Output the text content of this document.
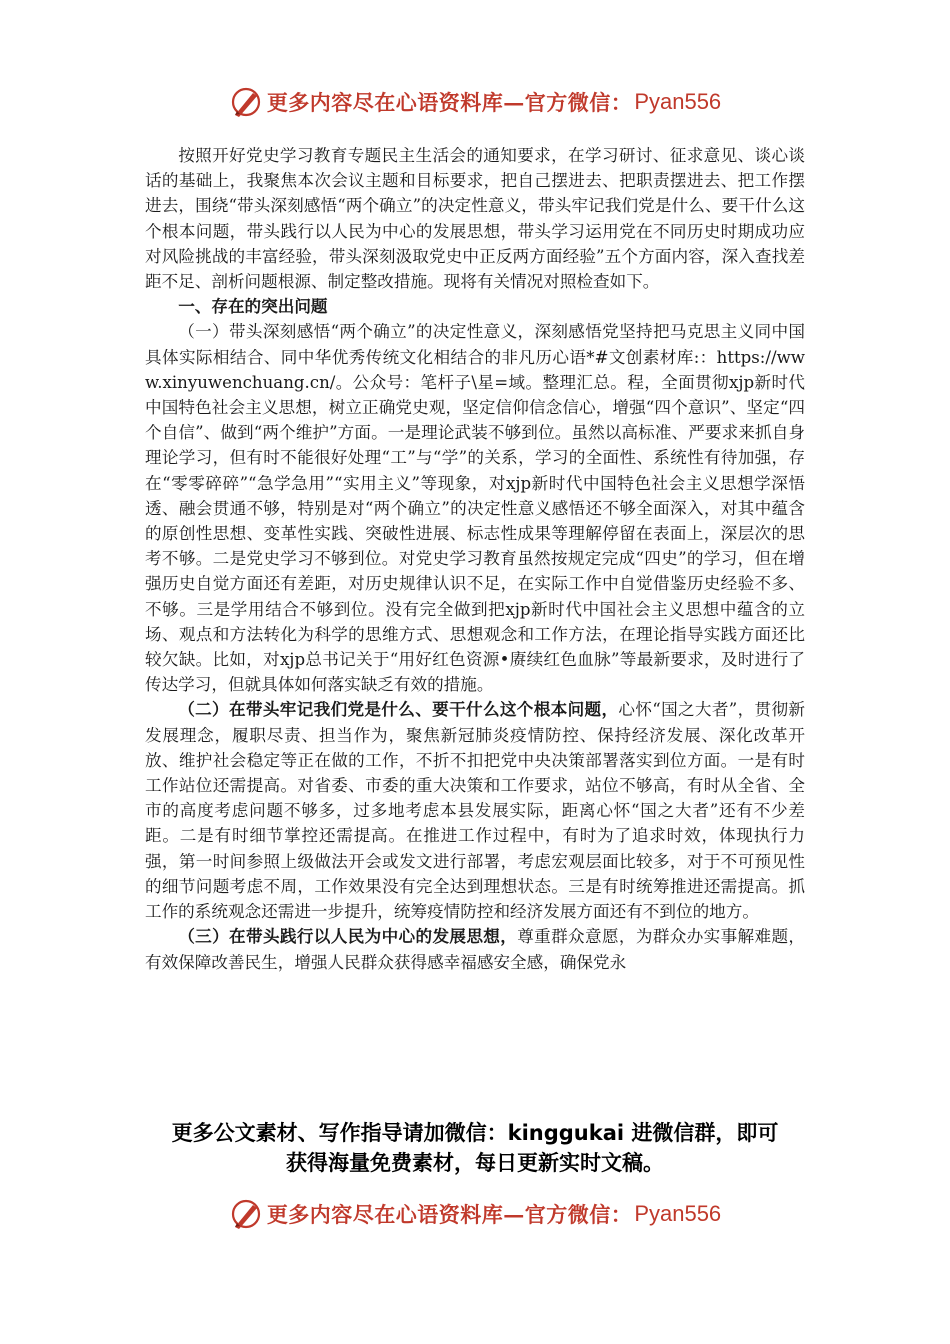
更多内容尽在心语资料库—官方微信： Pyan556

按照开好党史学习教育专题民主生活会的通知要求，在学习研讨、征求意见、谈心谈话的基础上，我聚焦本次会议主题和目标要求，把自己摆进去、把职责摆进去、把工作摆进去，围绕“带头深刻感悟“两个确立”的决定性意义，带头牢记我们党是什么、要干什么这个根本问题，带头践行以人民为中心的发展思想，带头学习运用党在不同历史时期成功应对风险挑战的丰富经验，带头深刻汲取党史中正反两方面经验”五个方面内容，深入查找差距不足、剖析问题根源、制定整改措施。现将有关情况对照检查如下。

一、存在的突出问题

（一）带头深刻感悟“两个确立”的决定性意义，深刻感悟党坚持把马克思主义同中国具体实际相结合、同中华优秀传统文化相结合的非凡历心语*#文创素材库:：https://www.xinyuwenchuang.cn/。公众号：笔杆子\星=域。整理汇总。程，全面贯彻xjp新时代中国特色社会主义思想，树立正确党史观，坚定信仰信念信心，增强“四个意识”、坚定“四个自信”、做到“两个维护”方面。一是理论武装不够到位。虽然以高标准、严要求来抓自身理论学习，但有时不能很好处理“工”与“学”的关系，学习的全面性、系统性有待加强，存在“零零碎碎”“急学急用”“实用主义”等现象，对xjp新时代中国特色社会主义思想学深悟透、融会贯通不够，特别是对“两个确立”的决定性意义感悟还不够全面深入，对其中蕴含的原创性思想、变革性实践、突破性进展、标志性成果等理解停留在表面上，深层次的思考不够。二是党史学习不够到位。对党史学习教育虽然按规定完成“四史”的学习，但在增强历史自觉方面还有差距，对历史规律认识不足，在实际工作中自觉借鉴历史经验不多、不够。三是学用结合不够到位。没有完全做到把xjp新时代中国社会主义思想中蕴含的立场、观点和方法转化为科学的思维方式、思想观念和工作方法，在理论指导实践方面还比较欠缺。比如，对xjp总书记关于“用好红色资源•赓续红色血脉”等最新要求，及时进行了传达学习，但就具体如何落实缺乏有效的措施。

（二）在带头牢记我们党是什么、要干什么这个根本问题，心怀“国之大者”，贯彻新发展理念，履职尽责、担当作为，聚焦新冠肺炎疫情防控、保持经济发展、深化改革开放、维护社会稳定等正在做的工作，不折不扣把党中央决策部署落实到位方面。一是有时工作站位还需提高。对省委、市委的重大决策和工作要求，站位不够高，有时从全省、全市的高度考虑问题不够多，过多地考虑本县发展实际，距离心怀“国之大者”还有不少差距。二是有时细节掌控还需提高。在推进工作过程中，有时为了追求时效，体现执行力强，第一时间参照上级做法开会或发文进行部署，考虑宏观层面比较多，对于不可预见性的细节问题考虑不周，工作效果没有完全达到理想状态。三是有时统筹推进还需提高。抓工作的系统观念还需进一步提升，统筹疫情防控和经济发展方面还有不到位的地方。

（三）在带头践行以人民为中心的发展思想，尊重群众意愿，为群众办实事解难题，有效保障改善民生，增强人民群众获得感幸福感安全感，确保党永

更多公文素材、写作指导请加微信：kinggukai 进微信群，即可
获得海量免费素材，每日更新实时文稿。
更多内容尽在心语资料库—官方微信： Pyan556
